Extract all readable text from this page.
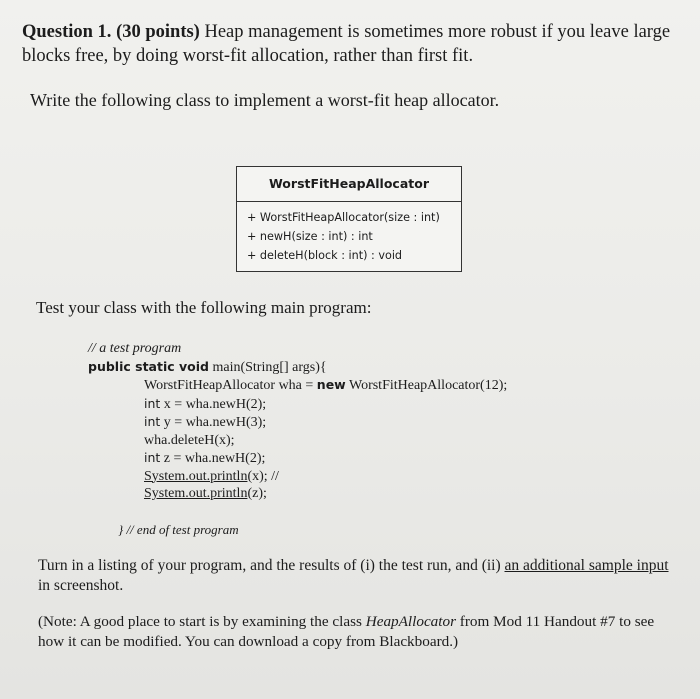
Question 1. (30 points) Heap management is sometimes more robust if you leave large blocks free, by doing worst-fit allocation, rather than first fit.
Write the following class to implement a worst-fit heap allocator.
WorstFitHeapAllocator
+ WorstFitHeapAllocator(size : int)
+ newH(size : int) : int
+ deleteH(block : int) : void
Test your class with the following main program:
// a test program
public static void main(String[] args){
WorstFitHeapAllocator wha = new WorstFitHeapAllocator(12);
int x = wha.newH(2);
int y = wha.newH(3);
wha.deleteH(x);
int z = wha.newH(2);
System.out.println(x); //
System.out.println(z);
} // end of test program
Turn in a listing of your program, and the results of (i) the test run, and (ii) an additional sample input in screenshot.
(Note: A good place to start is by examining the class HeapAllocator from Mod 11 Handout #7 to see how it can be modified. You can download a copy from Blackboard.)
